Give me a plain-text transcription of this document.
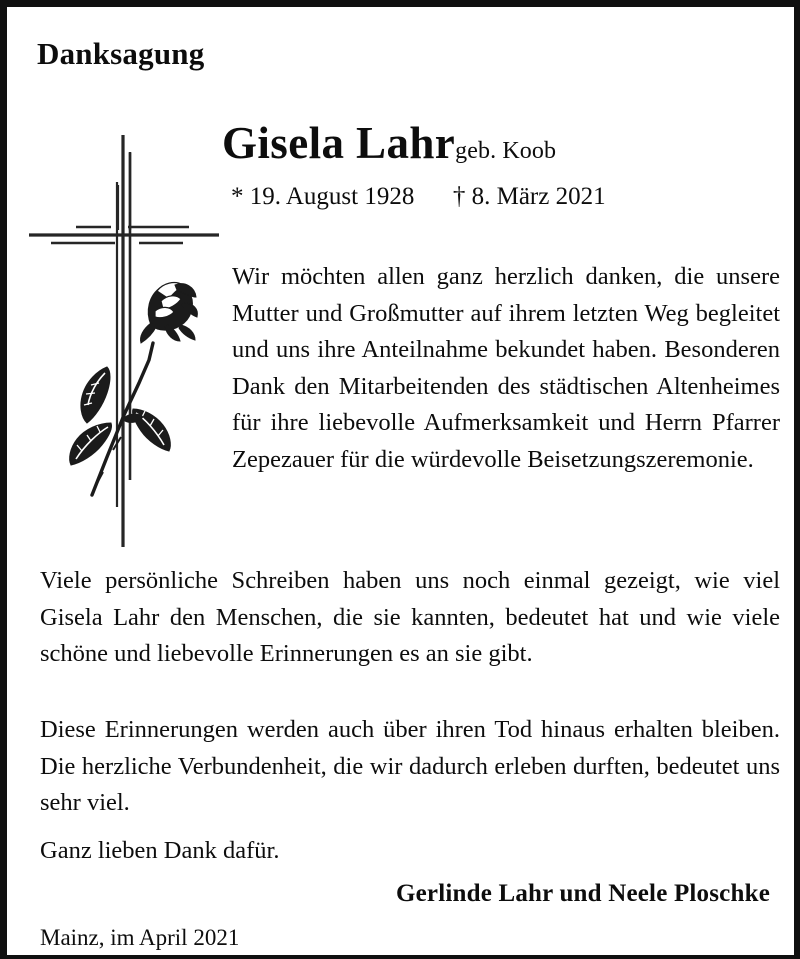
Danksagung
Gisela Lahrgeb. Koob
* 19. August 1928 † 8. März 2021
Wir möchten allen ganz herzlich danken, die unsere Mutter und Großmutter auf ihrem letzten Weg begleitet und uns ihre Anteilnahme bekundet haben. Besonderen Dank den Mitarbeitenden des städtischen Altenheimes für ihre liebevolle Aufmerksamkeit und Herrn Pfarrer Zepezauer für die würdevolle Beisetzungszeremonie.
Viele persönliche Schreiben haben uns noch einmal gezeigt, wie viel Gisela Lahr den Menschen, die sie kannten, bedeutet hat und wie viele schöne und liebevolle Erinnerungen es an sie gibt.
Diese Erinnerungen werden auch über ihren Tod hinaus erhalten bleiben. Die herzliche Verbundenheit, die wir dadurch erleben durften, bedeutet uns sehr viel.
Ganz lieben Dank dafür.
Gerlinde Lahr und Neele Ploschke
Mainz, im April 2021
